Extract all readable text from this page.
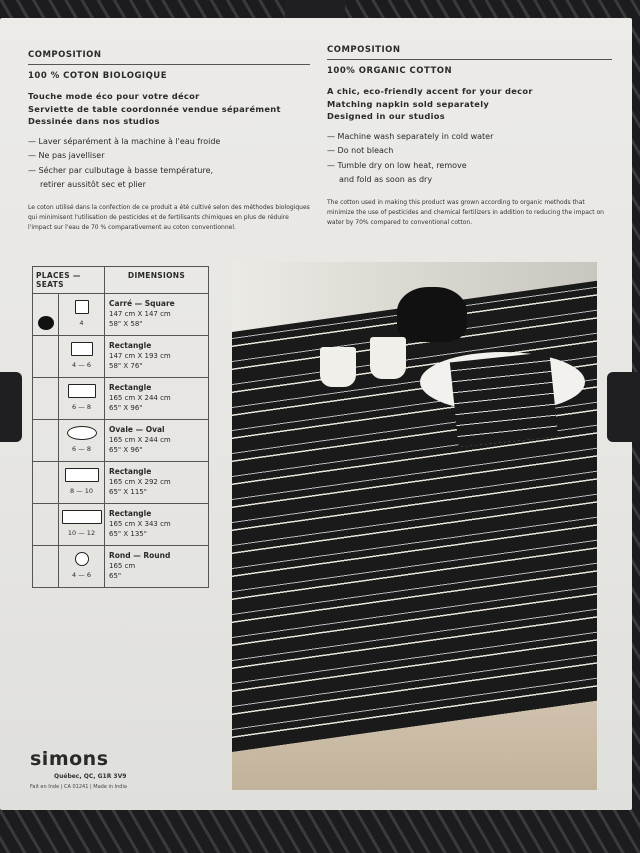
COMPOSITION
100 % COTON BIOLOGIQUE
Touche mode éco pour votre décor
Serviette de table coordonnée vendue séparément
Dessinée dans nos studios
— Laver séparément à la machine à l'eau froide
— Ne pas javelliser
— Sécher par culbutage à basse température,
retirer aussitôt sec et plier
Le coton utilisé dans la confection de ce produit a été cultivé selon des méthodes biologiques qui minimisent l'utilisation de pesticides et de fertilisants chimiques en plus de réduire l'impact sur l'eau de 70 % comparativement au coton conventionnel.
COMPOSITION
100% ORGANIC COTTON
A chic, eco-friendly accent for your decor
Matching napkin sold separately
Designed in our studios
— Machine wash separately in cold water
— Do not bleach
— Tumble dry on low heat, remove
and fold as soon as dry
The cotton used in making this product was grown according to organic methods that minimize the use of pesticides and chemical fertilizers in addition to reducing the impact on water by 70% compared to conventional cotton.
PLACES — SEATS		DIMENSIONS

	4	Carré — Square
147 cm X 147 cm
58" X 58"

	4 — 6	Rectangle
147 cm X 193 cm
58" X 76"

	6 — 8	Rectangle
165 cm X 244 cm
65" X 96"

	6 — 8	Ovale — Oval
165 cm X 244 cm
65" X 96"

	8 — 10	Rectangle
165 cm X 292 cm
65" X 115"

	10 — 12	Rectangle
165 cm X 343 cm
65" X 135"

	4 — 6	Rond — Round
165 cm
65"
simons
Québec, QC, G1R 3V9
Fait en Inde | CA 01241 | Made in India
